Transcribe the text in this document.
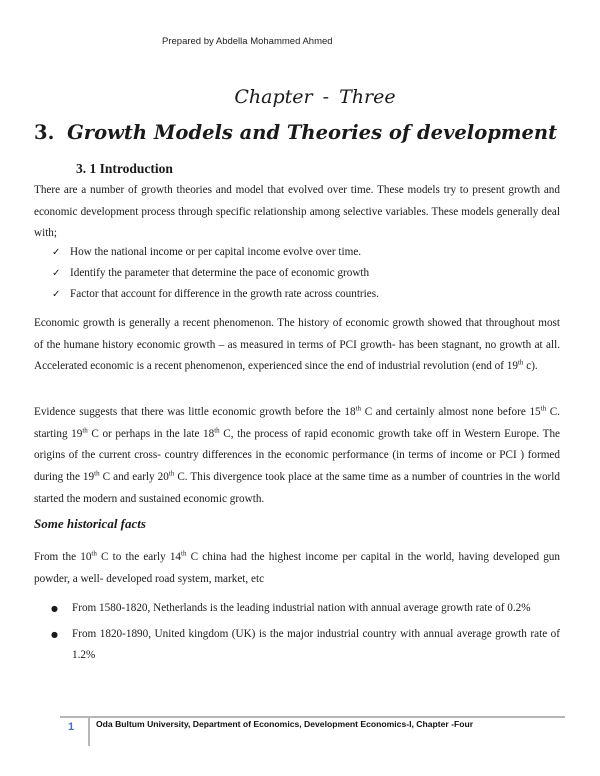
Prepared by Abdella Mohammed Ahmed
Chapter - Three
3. Growth Models and Theories of development
3. 1 Introduction
There are a number of growth theories and model that evolved over time. These models try to present growth and economic development process through specific relationship among selective variables. These models generally deal with;
✓ How the national income or per capital income evolve over time.
✓ Identify the parameter that determine the pace of economic growth
✓ Factor that account for difference in the growth rate across countries.
Economic growth is generally a recent phenomenon. The history of economic growth showed that throughout most of the humane history economic growth – as measured in terms of PCI growth- has been stagnant, no growth at all. Accelerated economic is a recent phenomenon, experienced since the end of industrial revolution (end of 19th c).
Evidence suggests that there was little economic growth before the 18th C and certainly almost none before 15th C. starting 19th C or perhaps in the late 18th C, the process of rapid economic growth take off in Western Europe. The origins of the current cross- country differences in the economic performance (in terms of income or PCI ) formed during the 19th C and early 20th C. This divergence took place at the same time as a number of countries in the world started the modern and sustained economic growth.
Some historical facts
From the 10th C to the early 14th C china had the highest income per capital in the world, having developed gun powder, a well- developed road system, market, etc
● From 1580-1820, Netherlands is the leading industrial nation with annual average growth rate of 0.2%
● From 1820-1890, United kingdom (UK) is the major industrial country with annual average growth rate of 1.2%
1	Oda Bultum University, Department of Economics, Development Economics-I, Chapter -Four
